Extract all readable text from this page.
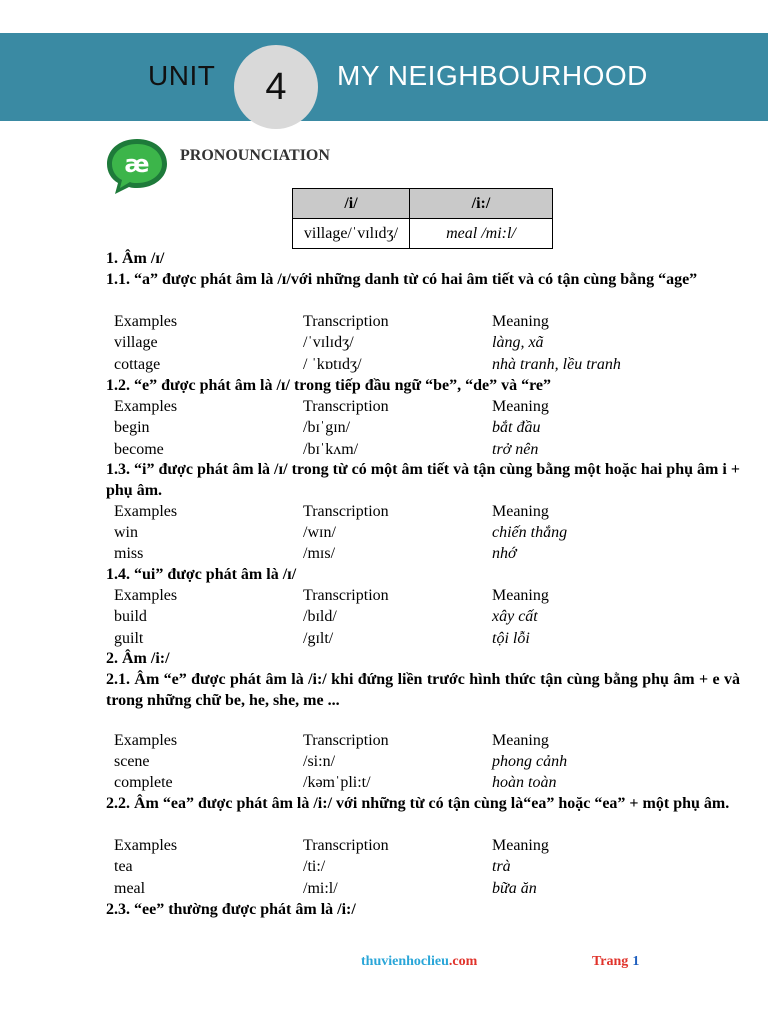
UNIT	4	MY NEIGHBOURHOOD
æ PRONOUNCIATION
/i/	/i:/
village/ˈvɪlɪdʒ/	meal /mi:l/
1. Âm /ɪ/
1.1. “a” được phát âm là /ɪ/với những danh từ có hai âm tiết và có tận cùng bằng “age”
Examples	Transcription	Meaning
village	/ˈvɪlɪdʒ/	làng, xã
cottage	/ ˈkɒtɪdʒ/	nhà tranh, lều tranh
1.2. “e” được phát âm là /ɪ/ trong tiếp đầu ngữ “be”, “de” và “re”
Examples	Transcription	Meaning
begin	/bɪˈgɪn/	bắt đầu
become	/bɪˈkʌm/	trở nên
1.3. “i” được phát âm là /ɪ/ trong từ có một âm tiết và tận cùng bằng một hoặc hai phụ âm i + phụ âm.
Examples	Transcription	Meaning
win	/wɪn/	chiến thắng
miss	/mɪs/	nhớ
1.4. “ui” được phát âm là /ɪ/
Examples	Transcription	Meaning
build	/bɪld/	xây cất
guilt	/gɪlt/	tội lỗi
2. Âm /i:/
2.1. Âm “e” được phát âm là /i:/ khi đứng liền trước hình thức tận cùng bằng phụ âm + e và trong những chữ be, he, she, me ...
Examples	Transcription	Meaning
scene	/si:n/	phong cảnh
complete	/kəmˈpli:t/	hoàn toàn
2.2. Âm “ea” được phát âm là /i:/ với những từ có tận cùng là“ea” hoặc “ea” + một phụ âm.
Examples	Transcription	Meaning
tea	/ti:/	trà
meal	/mi:l/	bữa ăn
2.3. “ee” thường được phát âm là /i:/
thuvienhoclieu.com	Trang 1
